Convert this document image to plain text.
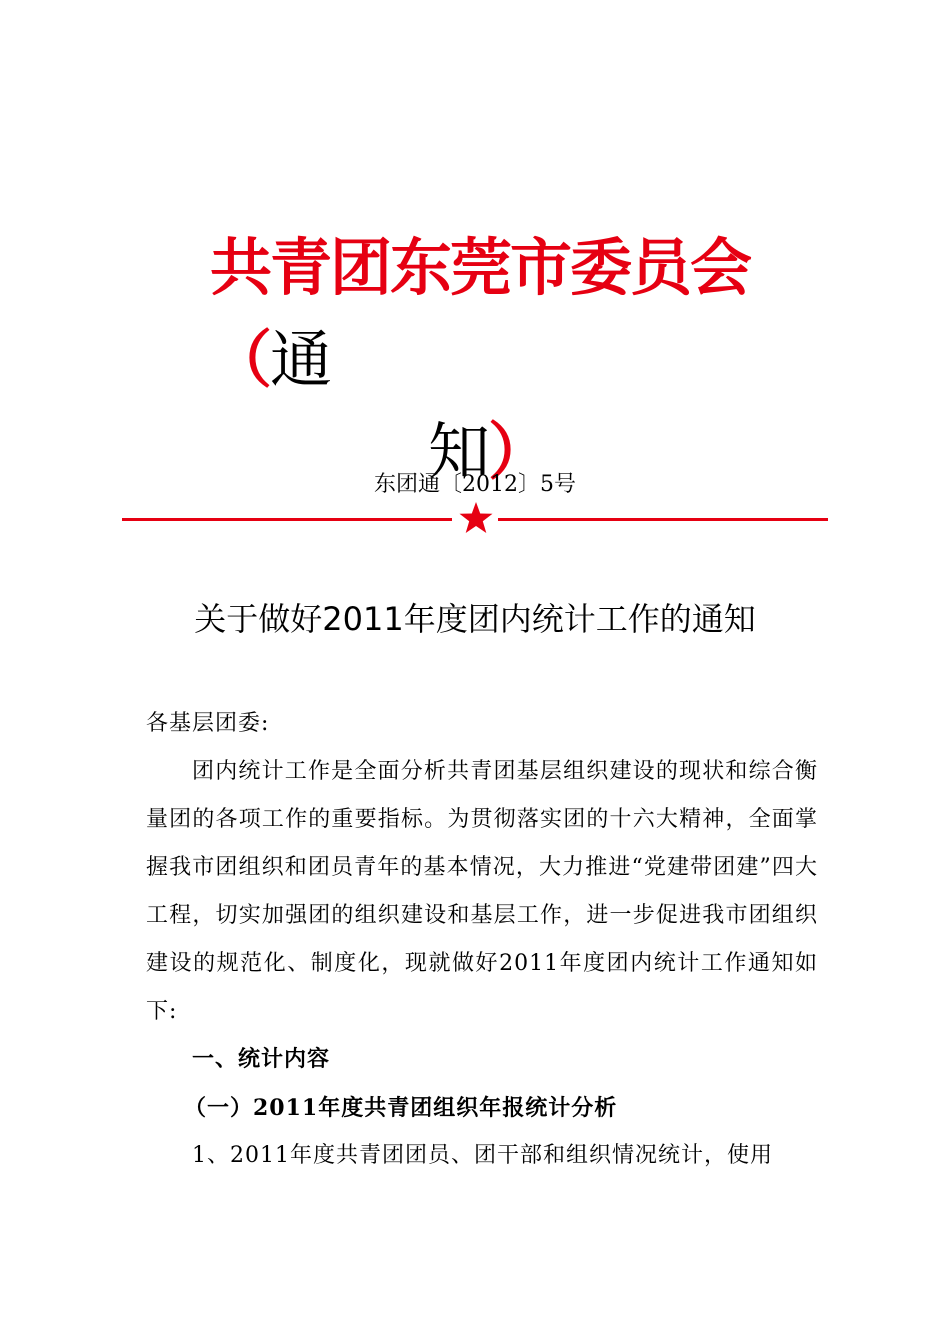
共青团东莞市委员会（通
知）
东团通〔2012〕5号
关于做好2011年度团内统计工作的通知

各基层团委:

团内统计工作是全面分析共青团基层组织建设的现状和综合衡量团的各项工作的重要指标。为贯彻落实团的十六大精神，全面掌握我市团组织和团员青年的基本情况，大力推进“党建带团建”四大工程，切实加强团的组织建设和基层工作，进一步促进我市团组织建设的规范化、制度化，现就做好2011年度团内统计工作通知如下:

一、统计内容

（一）2011年度共青团组织年报统计分析

1、2011年度共青团团员、团干部和组织情况统计，使用
